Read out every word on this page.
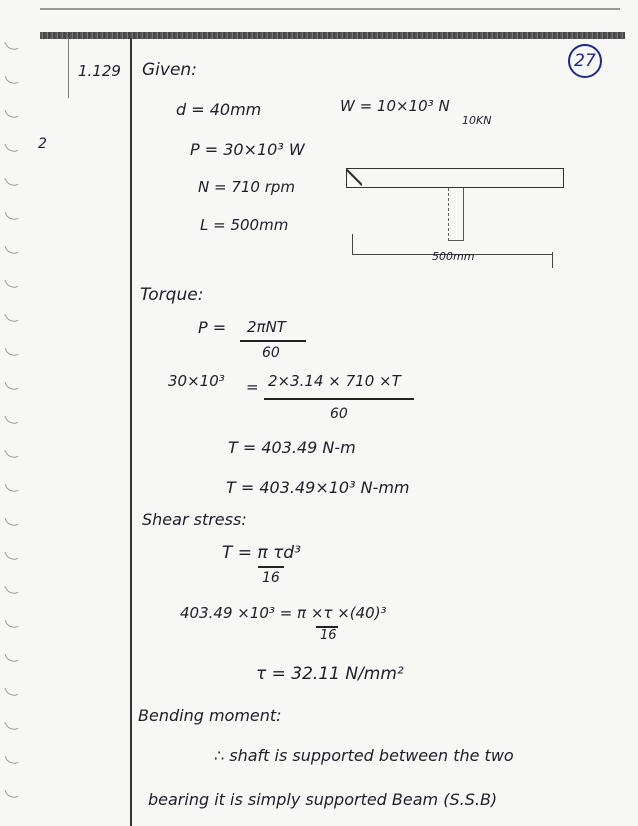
1.129	27
2
Given:
d = 40mm
P = 30×10³ W
N = 710 rpm
L = 500mm
W = 10×10³ N
10KN
500mm
Torque:
P = 2πNT
60
30×10³ = 2×3.14 × 710 ×T
60
T = 403.49 N-m
T = 403.49×10³ N-mm
Shear stress:
T = π τd³
16
403.49 ×10³ = π ×τ ×(40)³
16
τ = 32.11 N/mm²
Bending moment:
∴ shaft is supported between the two
bearing it is simply supported Beam (S.S.B)
